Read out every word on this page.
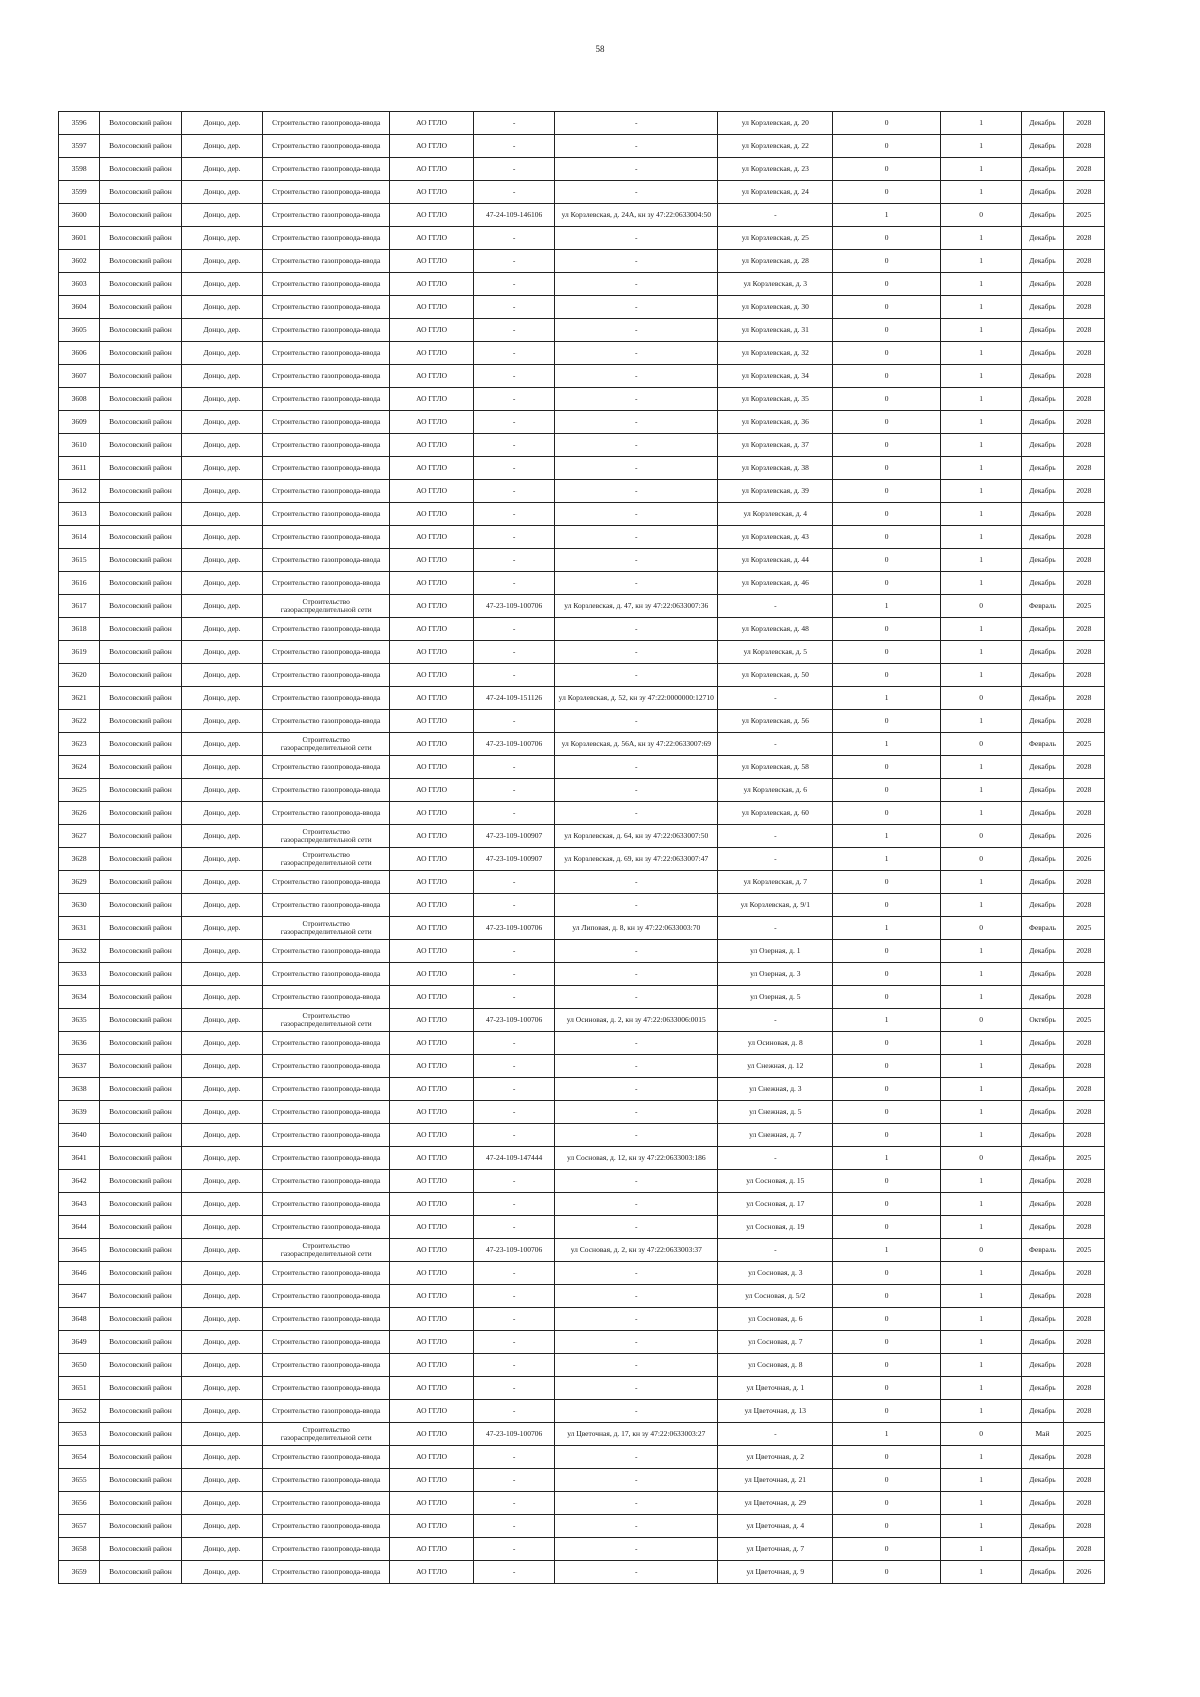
58
3596	Волосовский район	Донцо, дер.	Строительство газопровода-ввода	АО ГГЛО	-	-	ул Корзлевская, д. 20	0	1	Декабрь	2028
3597	Волосовский район	Донцо, дер.	Строительство газопровода-ввода	АО ГГЛО	-	-	ул Корзлевская, д. 22	0	1	Декабрь	2028
3598	Волосовский район	Донцо, дер.	Строительство газопровода-ввода	АО ГГЛО	-	-	ул Корзлевская, д. 23	0	1	Декабрь	2028
3599	Волосовский район	Донцо, дер.	Строительство газопровода-ввода	АО ГГЛО	-	-	ул Корзлевская, д. 24	0	1	Декабрь	2028
3600	Волосовский район	Донцо, дер.	Строительство газопровода-ввода	АО ГГЛО	47-24-109-146106	ул Корзлевская, д. 24А, кн зу 47:22:0633004:50	-	1	0	Декабрь	2025
3601	Волосовский район	Донцо, дер.	Строительство газопровода-ввода	АО ГГЛО	-	-	ул Корзлевская, д. 25	0	1	Декабрь	2028
3602	Волосовский район	Донцо, дер.	Строительство газопровода-ввода	АО ГГЛО	-	-	ул Корзлевская, д. 28	0	1	Декабрь	2028
3603	Волосовский район	Донцо, дер.	Строительство газопровода-ввода	АО ГГЛО	-	-	ул Корзлевская, д. 3	0	1	Декабрь	2028
3604	Волосовский район	Донцо, дер.	Строительство газопровода-ввода	АО ГГЛО	-	-	ул Корзлевская, д. 30	0	1	Декабрь	2028
3605	Волосовский район	Донцо, дер.	Строительство газопровода-ввода	АО ГГЛО	-	-	ул Корзлевская, д. 31	0	1	Декабрь	2028
3606	Волосовский район	Донцо, дер.	Строительство газопровода-ввода	АО ГГЛО	-	-	ул Корзлевская, д. 32	0	1	Декабрь	2028
3607	Волосовский район	Донцо, дер.	Строительство газопровода-ввода	АО ГГЛО	-	-	ул Корзлевская, д. 34	0	1	Декабрь	2028
3608	Волосовский район	Донцо, дер.	Строительство газопровода-ввода	АО ГГЛО	-	-	ул Корзлевская, д. 35	0	1	Декабрь	2028
3609	Волосовский район	Донцо, дер.	Строительство газопровода-ввода	АО ГГЛО	-	-	ул Корзлевская, д. 36	0	1	Декабрь	2028
3610	Волосовский район	Донцо, дер.	Строительство газопровода-ввода	АО ГГЛО	-	-	ул Корзлевская, д. 37	0	1	Декабрь	2028
3611	Волосовский район	Донцо, дер.	Строительство газопровода-ввода	АО ГГЛО	-	-	ул Корзлевская, д. 38	0	1	Декабрь	2028
3612	Волосовский район	Донцо, дер.	Строительство газопровода-ввода	АО ГГЛО	-	-	ул Корзлевская, д. 39	0	1	Декабрь	2028
3613	Волосовский район	Донцо, дер.	Строительство газопровода-ввода	АО ГГЛО	-	-	ул Корзлевская, д. 4	0	1	Декабрь	2028
3614	Волосовский район	Донцо, дер.	Строительство газопровода-ввода	АО ГГЛО	-	-	ул Корзлевская, д. 43	0	1	Декабрь	2028
3615	Волосовский район	Донцо, дер.	Строительство газопровода-ввода	АО ГГЛО	-	-	ул Корзлевская, д. 44	0	1	Декабрь	2028
3616	Волосовский район	Донцо, дер.	Строительство газопровода-ввода	АО ГГЛО	-	-	ул Корзлевская, д. 46	0	1	Декабрь	2028
3617	Волосовский район	Донцо, дер.	Строительство газораспределительной сети	АО ГГЛО	47-23-109-100706	ул Корзлевская, д. 47, кн зу 47:22:0633007:36	-	1	0	Февраль	2025
3618	Волосовский район	Донцо, дер.	Строительство газопровода-ввода	АО ГГЛО	-	-	ул Корзлевская, д. 48	0	1	Декабрь	2028
3619	Волосовский район	Донцо, дер.	Строительство газопровода-ввода	АО ГГЛО	-	-	ул Корзлевская, д. 5	0	1	Декабрь	2028
3620	Волосовский район	Донцо, дер.	Строительство газопровода-ввода	АО ГГЛО	-	-	ул Корзлевская, д. 50	0	1	Декабрь	2028
3621	Волосовский район	Донцо, дер.	Строительство газопровода-ввода	АО ГГЛО	47-24-109-151126	ул Корзлевская, д. 52, кн зу 47:22:0000000:12710	-	1	0	Декабрь	2028
3622	Волосовский район	Донцо, дер.	Строительство газопровода-ввода	АО ГГЛО	-	-	ул Корзлевская, д. 56	0	1	Декабрь	2028
3623	Волосовский район	Донцо, дер.	Строительство газораспределительной сети	АО ГГЛО	47-23-109-100706	ул Корзлевская, д. 56А, кн зу 47:22:0633007:69	-	1	0	Февраль	2025
3624	Волосовский район	Донцо, дер.	Строительство газопровода-ввода	АО ГГЛО	-	-	ул Корзлевская, д. 58	0	1	Декабрь	2028
3625	Волосовский район	Донцо, дер.	Строительство газопровода-ввода	АО ГГЛО	-	-	ул Корзлевская, д. 6	0	1	Декабрь	2028
3626	Волосовский район	Донцо, дер.	Строительство газопровода-ввода	АО ГГЛО	-	-	ул Корзлевская, д. 60	0	1	Декабрь	2028
3627	Волосовский район	Донцо, дер.	Строительство газораспределительной сети	АО ГГЛО	47-23-109-100907	ул Корзлевская, д. 64, кн зу 47:22:0633007:50	-	1	0	Декабрь	2026
3628	Волосовский район	Донцо, дер.	Строительство газораспределительной сети	АО ГГЛО	47-23-109-100907	ул Корзлевская, д. 69, кн зу 47:22:0633007:47	-	1	0	Декабрь	2026
3629	Волосовский район	Донцо, дер.	Строительство газопровода-ввода	АО ГГЛО	-	-	ул Корзлевская, д. 7	0	1	Декабрь	2028
3630	Волосовский район	Донцо, дер.	Строительство газопровода-ввода	АО ГГЛО	-	-	ул Корзлевская, д. 9/1	0	1	Декабрь	2028
3631	Волосовский район	Донцо, дер.	Строительство газораспределительной сети	АО ГГЛО	47-23-109-100706	ул Липовая, д. 8, кн зу 47:22:0633003:70	-	1	0	Февраль	2025
3632	Волосовский район	Донцо, дер.	Строительство газопровода-ввода	АО ГГЛО	-	-	ул Озерная, д. 1	0	1	Декабрь	2028
3633	Волосовский район	Донцо, дер.	Строительство газопровода-ввода	АО ГГЛО	-	-	ул Озерная, д. 3	0	1	Декабрь	2028
3634	Волосовский район	Донцо, дер.	Строительство газопровода-ввода	АО ГГЛО	-	-	ул Озерная, д. 5	0	1	Декабрь	2028
3635	Волосовский район	Донцо, дер.	Строительство газораспределительной сети	АО ГГЛО	47-23-109-100706	ул Осиновая, д. 2, кн зу 47:22:0633006:0015	-	1	0	Октябрь	2025
3636	Волосовский район	Донцо, дер.	Строительство газопровода-ввода	АО ГГЛО	-	-	ул Осиновая, д. 8	0	1	Декабрь	2028
3637	Волосовский район	Донцо, дер.	Строительство газопровода-ввода	АО ГГЛО	-	-	ул Снежная, д. 12	0	1	Декабрь	2028
3638	Волосовский район	Донцо, дер.	Строительство газопровода-ввода	АО ГГЛО	-	-	ул Снежная, д. 3	0	1	Декабрь	2028
3639	Волосовский район	Донцо, дер.	Строительство газопровода-ввода	АО ГГЛО	-	-	ул Снежная, д. 5	0	1	Декабрь	2028
3640	Волосовский район	Донцо, дер.	Строительство газопровода-ввода	АО ГГЛО	-	-	ул Снежная, д. 7	0	1	Декабрь	2028
3641	Волосовский район	Донцо, дер.	Строительство газопровода-ввода	АО ГГЛО	47-24-109-147444	ул Сосновая, д. 12, кн зу 47:22:0633003:186	-	1	0	Декабрь	2025
3642	Волосовский район	Донцо, дер.	Строительство газопровода-ввода	АО ГГЛО	-	-	ул Сосновая, д. 15	0	1	Декабрь	2028
3643	Волосовский район	Донцо, дер.	Строительство газопровода-ввода	АО ГГЛО	-	-	ул Сосновая, д. 17	0	1	Декабрь	2028
3644	Волосовский район	Донцо, дер.	Строительство газопровода-ввода	АО ГГЛО	-	-	ул Сосновая, д. 19	0	1	Декабрь	2028
3645	Волосовский район	Донцо, дер.	Строительство газораспределительной сети	АО ГГЛО	47-23-109-100706	ул Сосновая, д. 2, кн зу 47:22:0633003:37	-	1	0	Февраль	2025
3646	Волосовский район	Донцо, дер.	Строительство газопровода-ввода	АО ГГЛО	-	-	ул Сосновая, д. 3	0	1	Декабрь	2028
3647	Волосовский район	Донцо, дер.	Строительство газопровода-ввода	АО ГГЛО	-	-	ул Сосновая, д. 5/2	0	1	Декабрь	2028
3648	Волосовский район	Донцо, дер.	Строительство газопровода-ввода	АО ГГЛО	-	-	ул Сосновая, д. 6	0	1	Декабрь	2028
3649	Волосовский район	Донцо, дер.	Строительство газопровода-ввода	АО ГГЛО	-	-	ул Сосновая, д. 7	0	1	Декабрь	2028
3650	Волосовский район	Донцо, дер.	Строительство газопровода-ввода	АО ГГЛО	-	-	ул Сосновая, д. 8	0	1	Декабрь	2028
3651	Волосовский район	Донцо, дер.	Строительство газопровода-ввода	АО ГГЛО	-	-	ул Цветочная, д. 1	0	1	Декабрь	2028
3652	Волосовский район	Донцо, дер.	Строительство газопровода-ввода	АО ГГЛО	-	-	ул Цветочная, д. 13	0	1	Декабрь	2028
3653	Волосовский район	Донцо, дер.	Строительство газораспределительной сети	АО ГГЛО	47-23-109-100706	ул Цветочная, д. 17, кн зу 47:22:0633003:27	-	1	0	Май	2025
3654	Волосовский район	Донцо, дер.	Строительство газопровода-ввода	АО ГГЛО	-	-	ул Цветочная, д. 2	0	1	Декабрь	2028
3655	Волосовский район	Донцо, дер.	Строительство газопровода-ввода	АО ГГЛО	-	-	ул Цветочная, д. 21	0	1	Декабрь	2028
3656	Волосовский район	Донцо, дер.	Строительство газопровода-ввода	АО ГГЛО	-	-	ул Цветочная, д. 29	0	1	Декабрь	2028
3657	Волосовский район	Донцо, дер.	Строительство газопровода-ввода	АО ГГЛО	-	-	ул Цветочная, д. 4	0	1	Декабрь	2028
3658	Волосовский район	Донцо, дер.	Строительство газопровода-ввода	АО ГГЛО	-	-	ул Цветочная, д. 7	0	1	Декабрь	2028
3659	Волосовский район	Донцо, дер.	Строительство газопровода-ввода	АО ГГЛО	-	-	ул Цветочная, д. 9	0	1	Декабрь	2026
